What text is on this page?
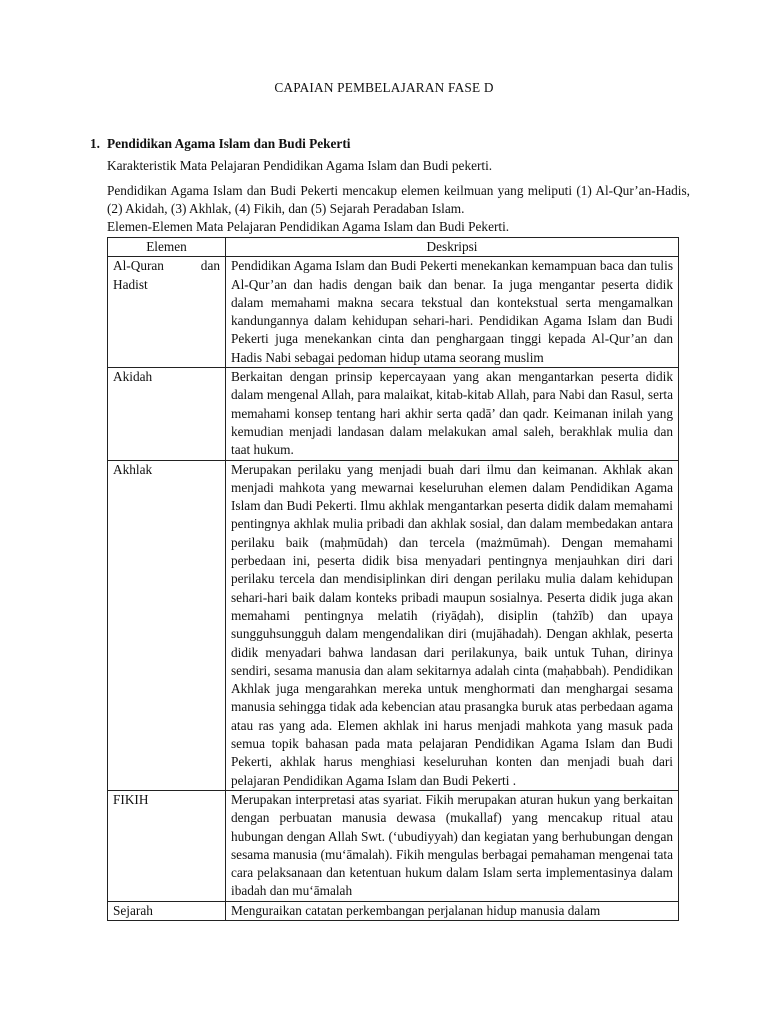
CAPAIAN PEMBELAJARAN FASE D
1. Pendidikan Agama Islam dan Budi Pekerti
Karakteristik Mata Pelajaran Pendidikan Agama Islam dan Budi pekerti.
Pendidikan Agama Islam dan Budi Pekerti mencakup elemen keilmuan yang meliputi (1) Al-Qur’an-Hadis, (2) Akidah, (3) Akhlak, (4) Fikih, dan (5) Sejarah Peradaban Islam.
Elemen-Elemen Mata Pelajaran Pendidikan Agama Islam dan Budi Pekerti.
Elemen	Deskripsi
Al-Quran dan Hadist	Pendidikan Agama Islam dan Budi Pekerti menekankan kemampuan baca dan tulis Al-Qur’an dan hadis dengan baik dan benar. Ia juga mengantar peserta didik dalam memahami makna secara tekstual dan kontekstual serta mengamalkan kandungannya dalam kehidupan sehari-hari. Pendidikan Agama Islam dan Budi Pekerti juga menekankan cinta dan penghargaan tinggi kepada Al-Qur’an dan Hadis Nabi sebagai pedoman hidup utama seorang muslim
Akidah	Berkaitan dengan prinsip kepercayaan yang akan mengantarkan peserta didik dalam mengenal Allah, para malaikat, kitab-kitab Allah, para Nabi dan Rasul, serta memahami konsep tentang hari akhir serta qadā’ dan qadr. Keimanan inilah yang kemudian menjadi landasan dalam melakukan amal saleh, berakhlak mulia dan taat hukum.
Akhlak	Merupakan perilaku yang menjadi buah dari ilmu dan keimanan. Akhlak akan menjadi mahkota yang mewarnai keseluruhan elemen dalam Pendidikan Agama Islam dan Budi Pekerti. Ilmu akhlak mengantarkan peserta didik dalam memahami pentingnya akhlak mulia pribadi dan akhlak sosial, dan dalam membedakan antara perilaku baik (maḥmūdah) dan tercela (mażmūmah). Dengan memahami perbedaan ini, peserta didik bisa menyadari pentingnya menjauhkan diri dari perilaku tercela dan mendisiplinkan diri dengan perilaku mulia dalam kehidupan sehari-hari baik dalam konteks pribadi maupun sosialnya. Peserta didik juga akan memahami pentingnya melatih (riyāḍah), disiplin (tahżīb) dan upaya sungguhsungguh dalam mengendalikan diri (mujāhadah). Dengan akhlak, peserta didik menyadari bahwa landasan dari perilakunya, baik untuk Tuhan, dirinya sendiri, sesama manusia dan alam sekitarnya adalah cinta (maḥabbah). Pendidikan Akhlak juga mengarahkan mereka untuk menghormati dan menghargai sesama manusia sehingga tidak ada kebencian atau prasangka buruk atas perbedaan agama atau ras yang ada. Elemen akhlak ini harus menjadi mahkota yang masuk pada semua topik bahasan pada mata pelajaran Pendidikan Agama Islam dan Budi Pekerti, akhlak harus menghiasi keseluruhan konten dan menjadi buah dari pelajaran Pendidikan Agama Islam dan Budi Pekerti .
FIKIH	Merupakan interpretasi atas syariat. Fikih merupakan aturan hukun yang berkaitan dengan perbuatan manusia dewasa (mukallaf) yang mencakup ritual atau hubungan dengan Allah Swt. (‘ubudiyyah) dan kegiatan yang berhubungan dengan sesama manusia (mu‘āmalah). Fikih mengulas berbagai pemahaman mengenai tata cara pelaksanaan dan ketentuan hukum dalam Islam serta implementasinya dalam ibadah dan mu‘āmalah
Sejarah	Menguraikan catatan perkembangan perjalanan hidup manusia dalam
